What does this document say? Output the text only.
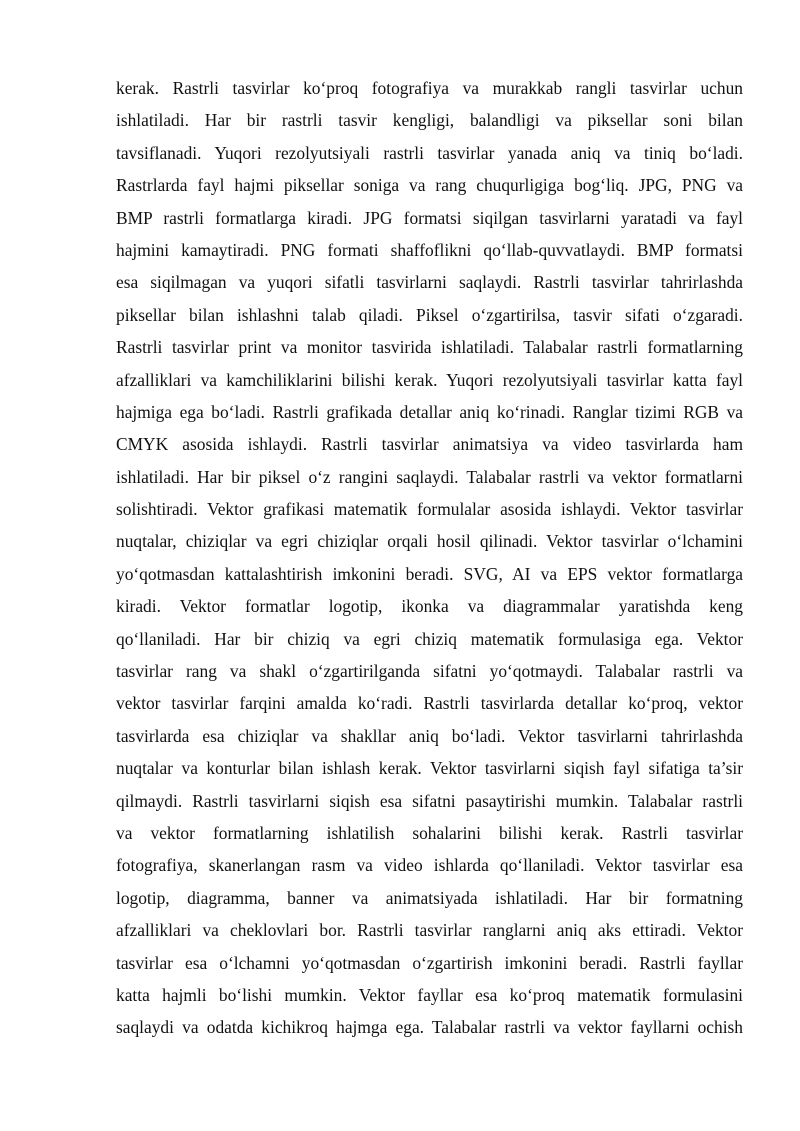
kerak. Rastrli tasvirlar ko‘proq fotografiya va murakkab rangli tasvirlar uchun
ishlatiladi. Har bir rastrli tasvir kengligi, balandligi va piksellar soni bilan
tavsiflanadi. Yuqori rezolyutsiyali rastrli tasvirlar yanada aniq va tiniq bo‘ladi.
Rastrlarda fayl hajmi piksellar soniga va rang chuqurligiga bog‘liq. JPG, PNG va
BMP rastrli formatlarga kiradi. JPG formatsi siqilgan tasvirlarni yaratadi va fayl
hajmini kamaytiradi. PNG formati shaffoflikni qo‘llab-quvvatlaydi. BMP formatsi
esa siqilmagan va yuqori sifatli tasvirlarni saqlaydi. Rastrli tasvirlar tahrirlashda
piksellar bilan ishlashni talab qiladi. Piksel o‘zgartirilsa, tasvir sifati o‘zgaradi.
Rastrli tasvirlar print va monitor tasvirida ishlatiladi. Talabalar rastrli formatlarning
afzalliklari va kamchiliklarini bilishi kerak. Yuqori rezolyutsiyali tasvirlar katta fayl
hajmiga ega bo‘ladi. Rastrli grafikada detallar aniq ko‘rinadi. Ranglar tizimi RGB va
CMYK asosida ishlaydi. Rastrli tasvirlar animatsiya va video tasvirlarda ham
ishlatiladi. Har bir piksel o‘z rangini saqlaydi. Talabalar rastrli va vektor formatlarni
solishtiradi. Vektor grafikasi matematik formulalar asosida ishlaydi. Vektor tasvirlar
nuqtalar, chiziqlar va egri chiziqlar orqali hosil qilinadi. Vektor tasvirlar o‘lchamini
yo‘qotmasdan kattalashtirish imkonini beradi. SVG, AI va EPS vektor formatlarga
kiradi. Vektor formatlar logotip, ikonka va diagrammalar yaratishda keng
qo‘llaniladi. Har bir chiziq va egri chiziq matematik formulasiga ega. Vektor
tasvirlar rang va shakl o‘zgartirilganda sifatni yo‘qotmaydi. Talabalar rastrli va
vektor tasvirlar farqini amalda ko‘radi. Rastrli tasvirlarda detallar ko‘proq, vektor
tasvirlarda esa chiziqlar va shakllar aniq bo‘ladi. Vektor tasvirlarni tahrirlashda
nuqtalar va konturlar bilan ishlash kerak. Vektor tasvirlarni siqish fayl sifatiga ta’sir
qilmaydi. Rastrli tasvirlarni siqish esa sifatni pasaytirishi mumkin. Talabalar rastrli
va vektor formatlarning ishlatilish sohalarini bilishi kerak. Rastrli tasvirlar
fotografiya, skanerlangan rasm va video ishlarda qo‘llaniladi. Vektor tasvirlar esa
logotip, diagramma, banner va animatsiyada ishlatiladi. Har bir formatning
afzalliklari va cheklovlari bor. Rastrli tasvirlar ranglarni aniq aks ettiradi. Vektor
tasvirlar esa o‘lchamni yo‘qotmasdan o‘zgartirish imkonini beradi. Rastrli fayllar
katta hajmli bo‘lishi mumkin. Vektor fayllar esa ko‘proq matematik formulasini
saqlaydi va odatda kichikroq hajmga ega. Talabalar rastrli va vektor fayllarni ochish
